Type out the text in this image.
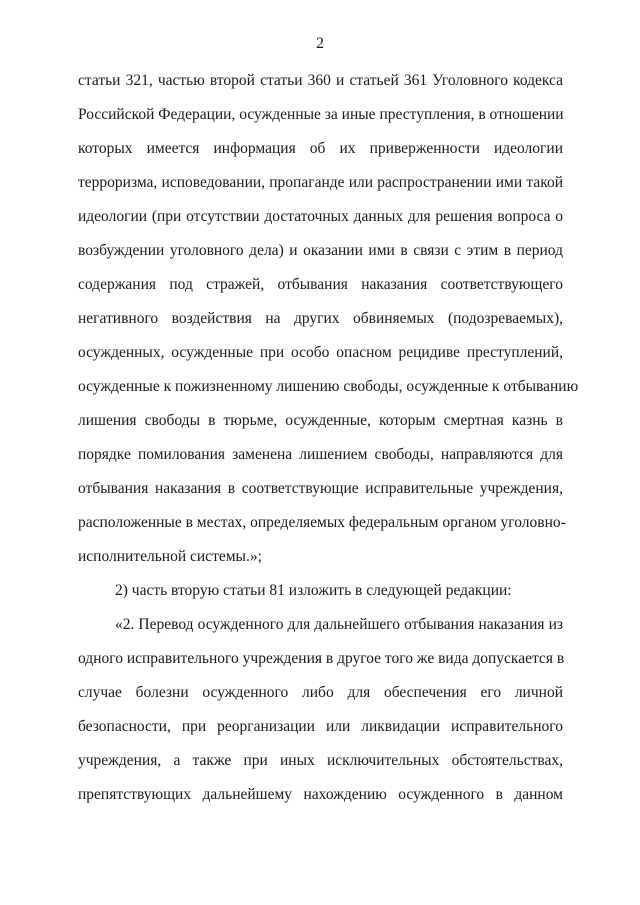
2
статьи 321, частью второй статьи 360 и статьей 361 Уголовного кодекса
Российской Федерации, осужденные за иные преступления, в отношении
которых имеется информация об их приверженности идеологии
терроризма, исповедовании, пропаганде или распространении ими такой
идеологии (при отсутствии достаточных данных для решения вопроса о
возбуждении уголовного дела) и оказании ими в связи с этим в период
содержания под стражей, отбывания наказания соответствующего
негативного воздействия на других обвиняемых (подозреваемых),
осужденных, осужденные при особо опасном рецидиве преступлений,
осужденные к пожизненному лишению свободы, осужденные к отбыванию
лишения свободы в тюрьме, осужденные, которым смертная казнь в
порядке помилования заменена лишением свободы, направляются для
отбывания наказания в соответствующие исправительные учреждения,
расположенные в местах, определяемых федеральным органом уголовно-
исполнительной системы.»;
2) часть вторую статьи 81 изложить в следующей редакции:
«2. Перевод осужденного для дальнейшего отбывания наказания из
одного исправительного учреждения в другое того же вида допускается в
случае болезни осужденного либо для обеспечения его личной
безопасности, при реорганизации или ликвидации исправительного
учреждения, а также при иных исключительных обстоятельствах,
препятствующих дальнейшему нахождению осужденного в данном
